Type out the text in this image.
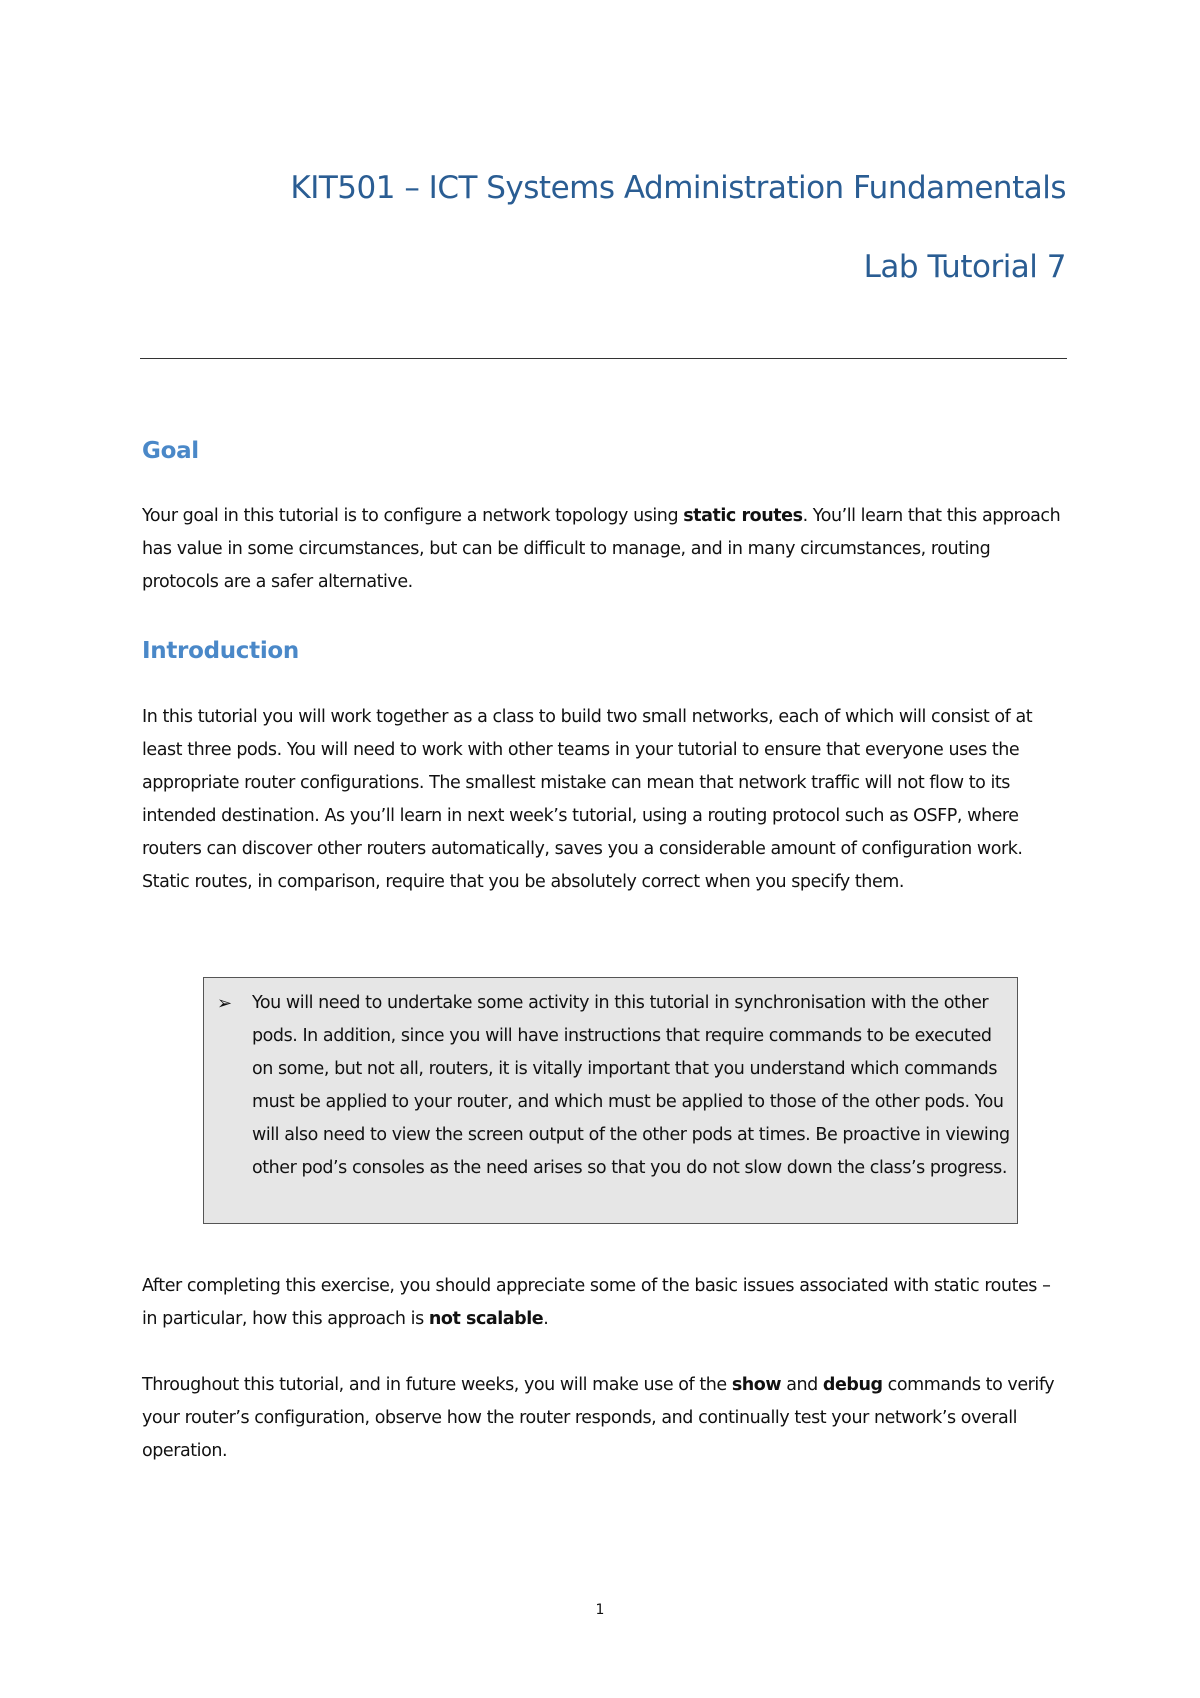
KIT501 – ICT Systems Administration Fundamentals
Lab Tutorial 7
Goal

Your goal in this tutorial is to configure a network topology using static routes. You’ll learn that this approach has value in some circumstances, but can be difficult to manage, and in many circumstances, routing protocols are a safer alternative.

Introduction

In this tutorial you will work together as a class to build two small networks, each of which will consist of at least three pods. You will need to work with other teams in your tutorial to ensure that everyone uses the appropriate router configurations. The smallest mistake can mean that network traffic will not flow to its intended destination. As you’ll learn in next week’s tutorial, using a routing protocol such as OSFP, where routers can discover other routers automatically, saves you a considerable amount of configuration work. Static routes, in comparison, require that you be absolutely correct when you specify them.

➢ You will need to undertake some activity in this tutorial in synchronisation with the other pods. In addition, since you will have instructions that require commands to be executed on some, but not all, routers, it is vitally important that you understand which commands must be applied to your router, and which must be applied to those of the other pods. You will also need to view the screen output of the other pods at times. Be proactive in viewing other pod’s consoles as the need arises so that you do not slow down the class’s progress.

After completing this exercise, you should appreciate some of the basic issues associated with static routes – in particular, how this approach is not scalable.

Throughout this tutorial, and in future weeks, you will make use of the show and debug commands to verify your router’s configuration, observe how the router responds, and continually test your network’s overall operation.

1
